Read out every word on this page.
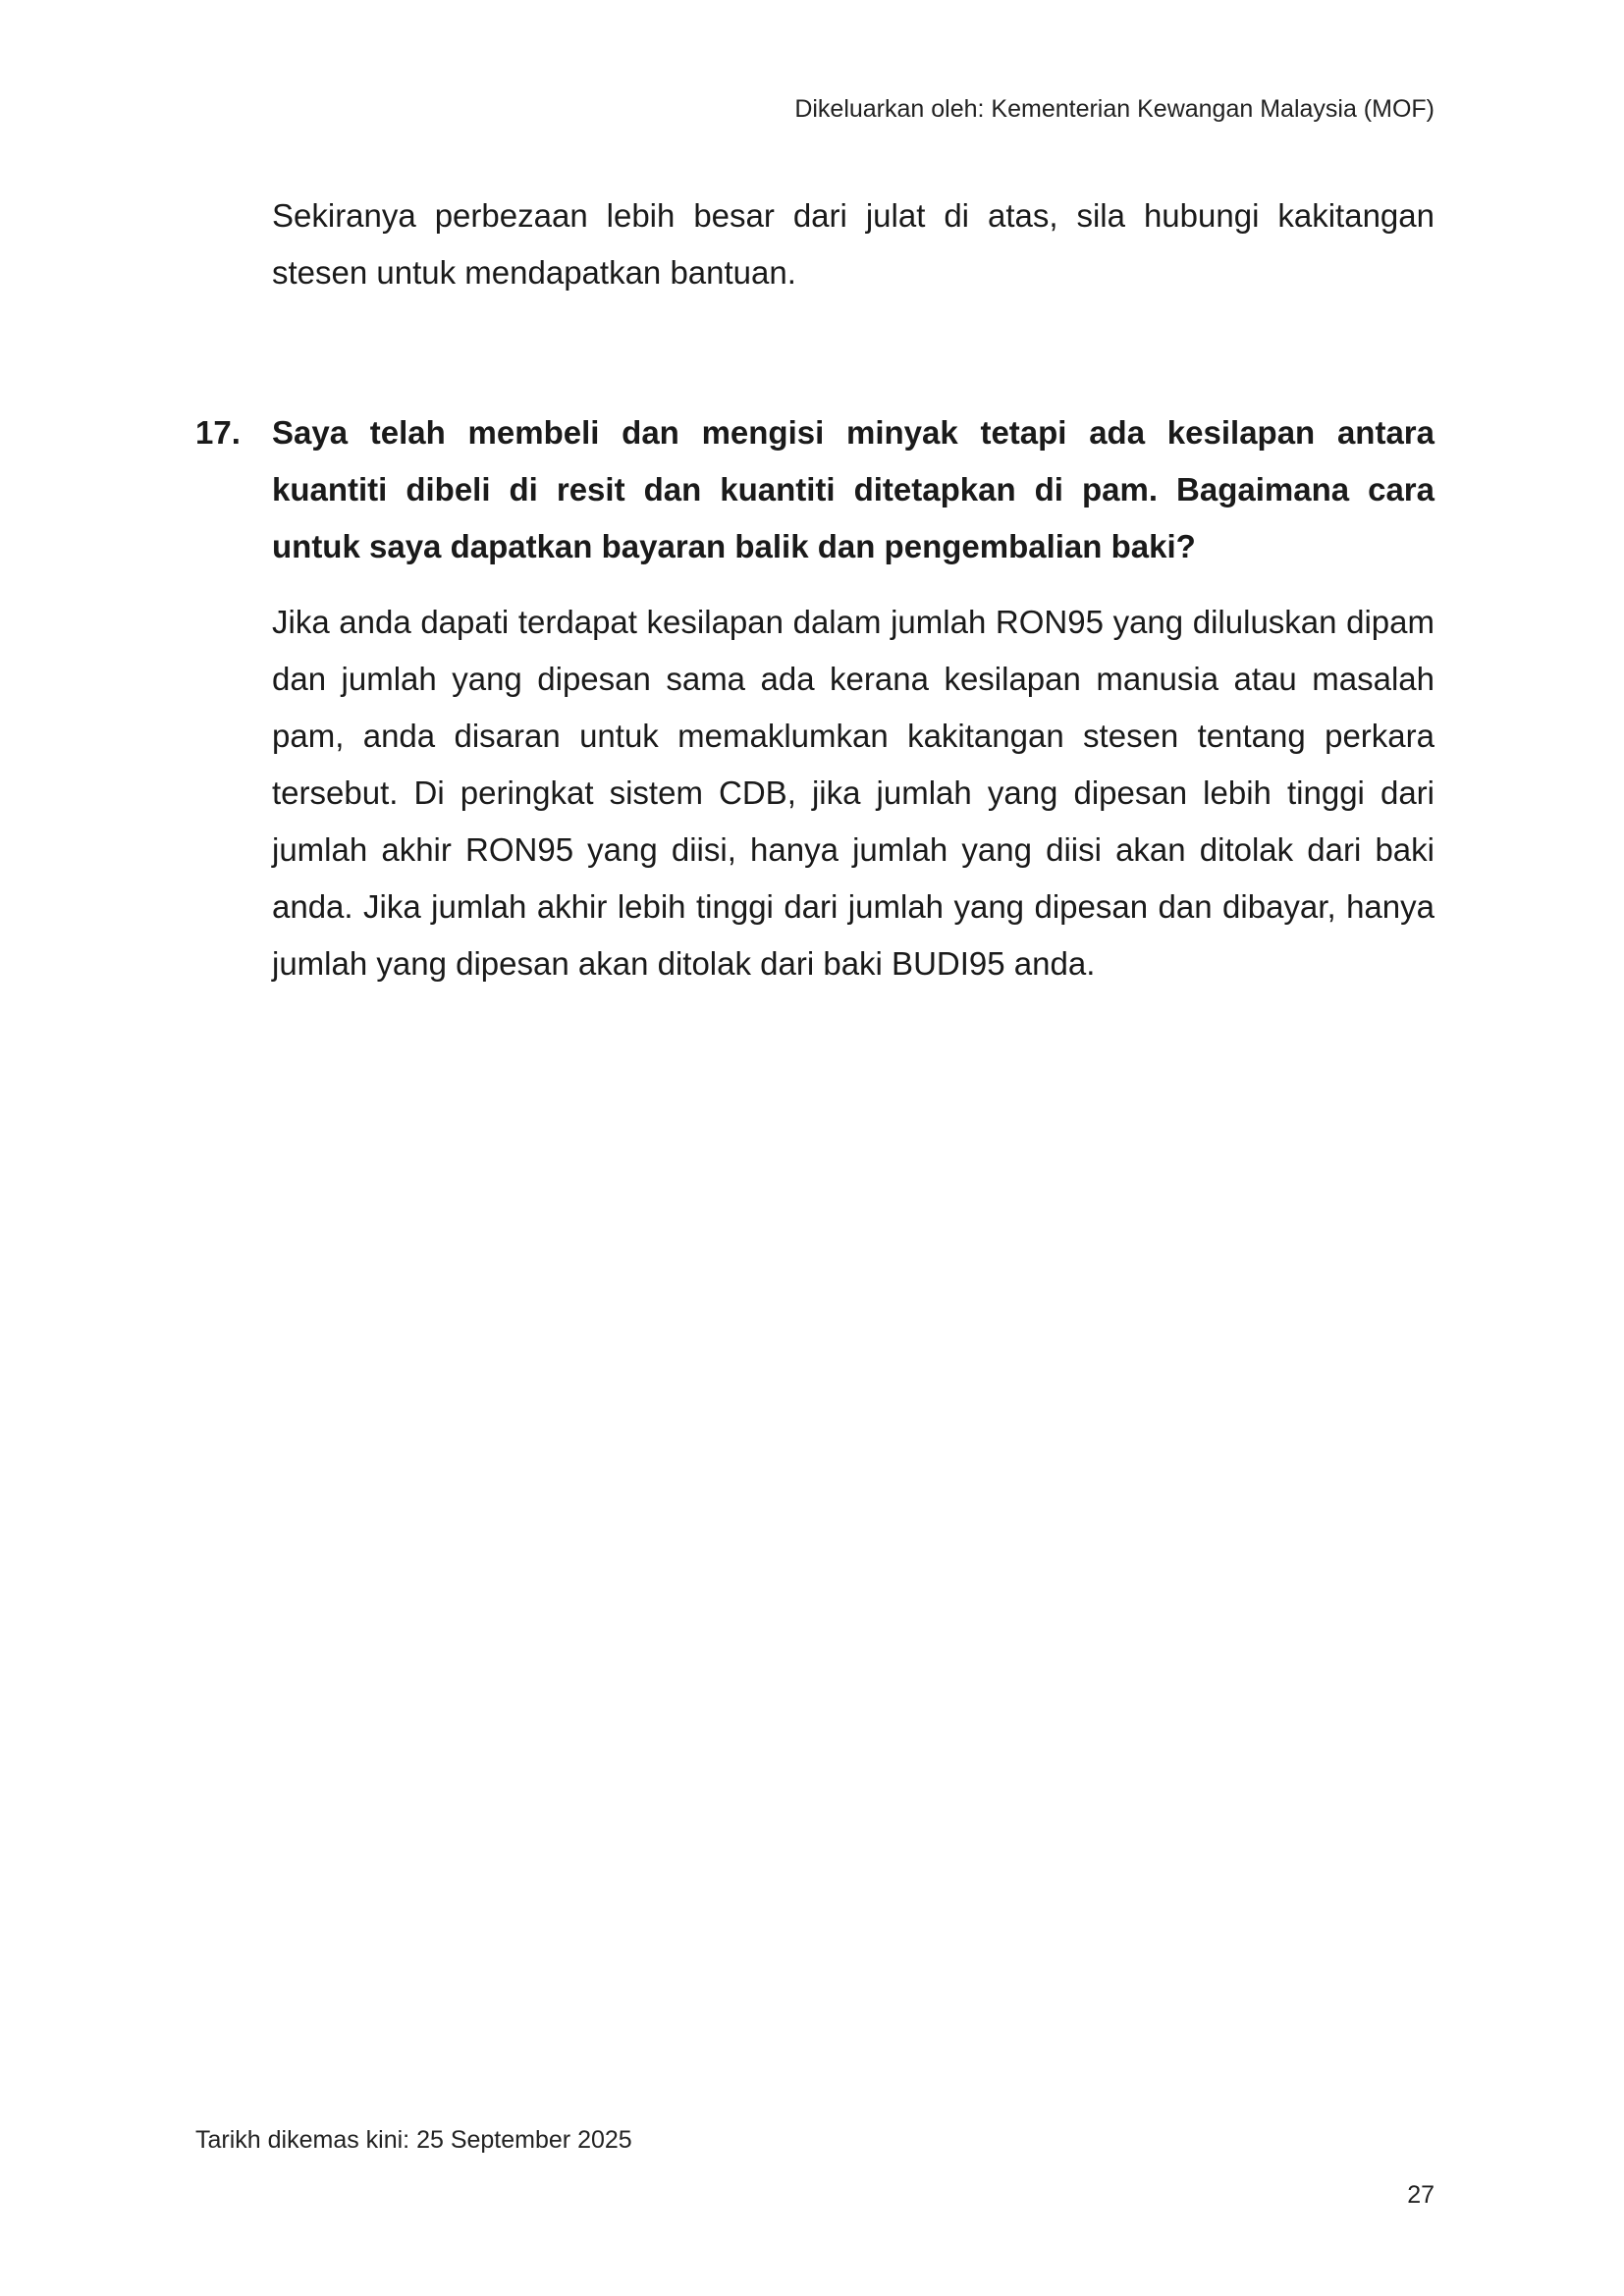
Dikeluarkan oleh: Kementerian Kewangan Malaysia (MOF)

Sekiranya perbezaan lebih besar dari julat di atas, sila hubungi kakitangan stesen untuk mendapatkan bantuan.

17. Saya telah membeli dan mengisi minyak tetapi ada kesilapan antara kuantiti dibeli di resit dan kuantiti ditetapkan di pam. Bagaimana cara untuk saya dapatkan bayaran balik dan pengembalian baki?

Jika anda dapati terdapat kesilapan dalam jumlah RON95 yang diluluskan dipam dan jumlah yang dipesan sama ada kerana kesilapan manusia atau masalah pam, anda disaran untuk memaklumkan kakitangan stesen tentang perkara tersebut. Di peringkat sistem CDB, jika jumlah yang dipesan lebih tinggi dari jumlah akhir RON95 yang diisi, hanya jumlah yang diisi akan ditolak dari baki anda. Jika jumlah akhir lebih tinggi dari jumlah yang dipesan dan dibayar, hanya jumlah yang dipesan akan ditolak dari baki BUDI95 anda.

Tarikh dikemas kini: 25 September 2025
27
